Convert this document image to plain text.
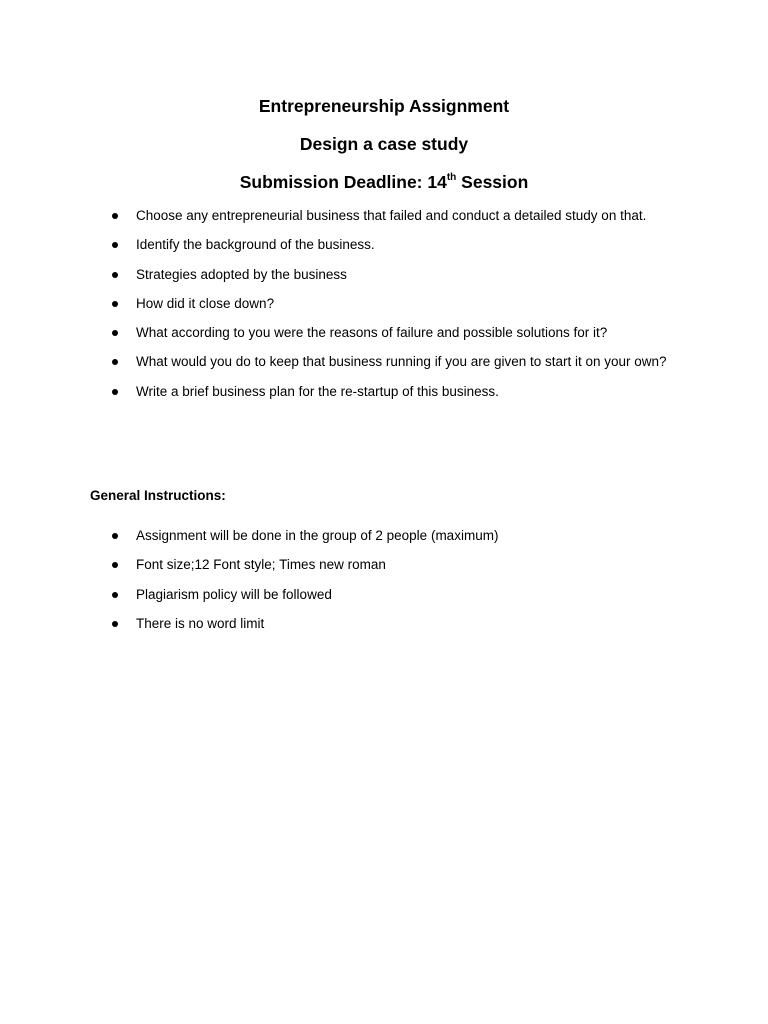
Entrepreneurship Assignment
Design a case study
Submission Deadline: 14th Session
Choose any entrepreneurial business that failed and conduct a detailed study on that.
Identify the background of the business.
Strategies adopted by the business
How did it close down?
What according to you were the reasons of failure and possible solutions for it?
What would you do to keep that business running if you are given to start it on your own?
Write a brief business plan for the re-startup of this business.
General Instructions:
Assignment will be done in the group of 2 people (maximum)
Font size;12 Font style; Times new roman
Plagiarism policy will be followed
There is no word limit
